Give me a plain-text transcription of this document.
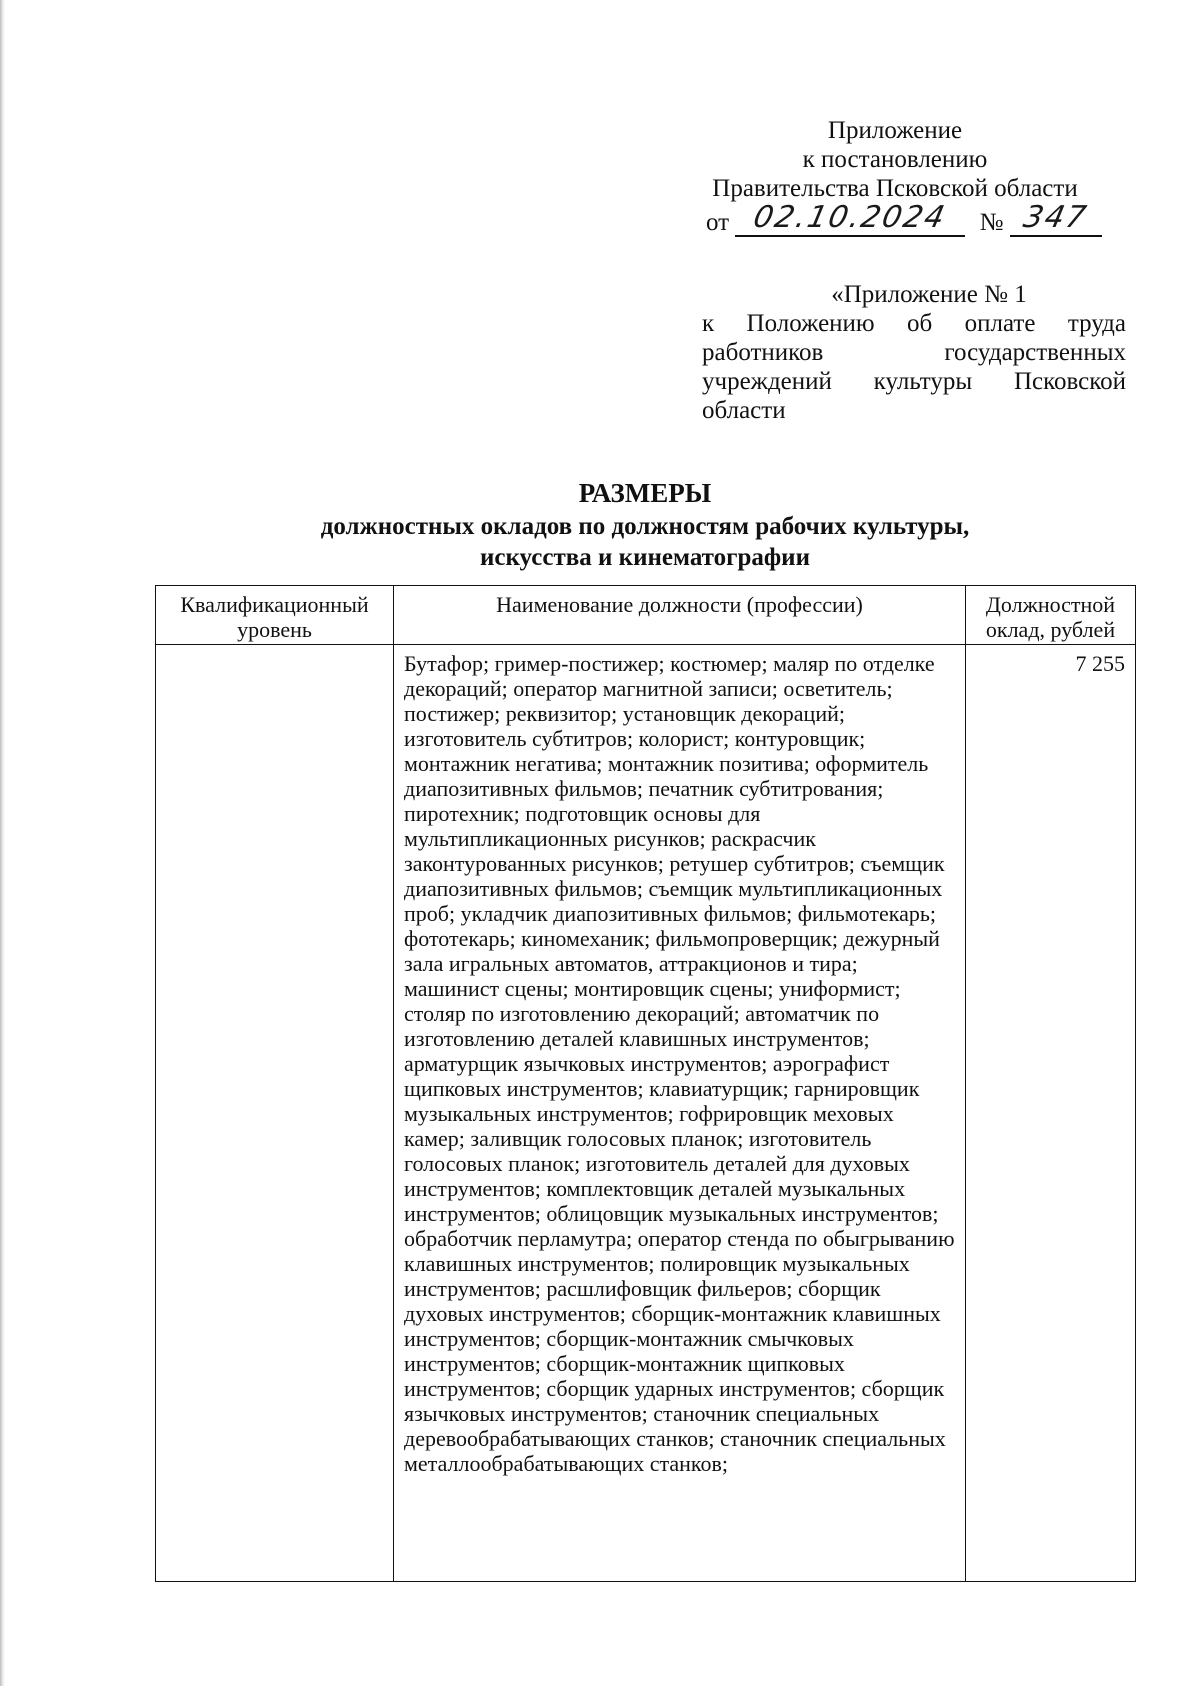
Приложение
к постановлению
Правительства Псковской области
от 02.10.2024 № 347
«Приложение № 1
к Положению об оплате труда работников государственных учреждений культуры Псковской области
РАЗМЕРЫ
должностных окладов по должностям рабочих культуры,
искусства и кинематографии
Квалификационный уровень	Наименование должности (профессии)	Должностной оклад, рублей

	Бутафор; гример-постижер; костюмер; маляр по отделке декораций; оператор магнитной записи; осветитель; постижер; реквизитор; установщик декораций; изготовитель субтитров; колорист; контуровщик; монтажник негатива; монтажник позитива; оформитель диапозитивных фильмов; печатник субтитрования; пиротехник; подготовщик основы для мультипликационных рисунков; раскрасчик законтурованных рисунков; ретушер субтитров; съемщик диапозитивных фильмов; съемщик мультипликационных проб; укладчик диапозитивных фильмов; фильмотекарь; фототекарь; киномеханик; фильмопроверщик; дежурный зала игральных автоматов, аттракционов и тира; машинист сцены; монтировщик сцены; униформист; столяр по изготовлению декораций; автоматчик по изготовлению деталей клавишных инструментов; арматурщик язычковых инструментов; аэрографист щипковых инструментов; клавиатурщик; гарнировщик музыкальных инструментов; гофрировщик меховых камер; заливщик голосовых планок; изготовитель голосовых планок; изготовитель деталей для духовых инструментов; комплектовщик деталей музыкальных инструментов; облицовщик музыкальных инструментов; обработчик перламутра; оператор стенда по обыгрыванию клавишных инструментов; полировщик музыкальных инструментов; расшлифовщик фильеров; сборщик духовых инструментов; сборщик-монтажник клавишных инструментов; сборщик-монтажник смычковых инструментов; сборщик-монтажник щипковых инструментов; сборщик ударных инструментов; сборщик язычковых инструментов; станочник специальных деревообрабатывающих станков; станочник специальных металлообрабатывающих станков;	7 255
